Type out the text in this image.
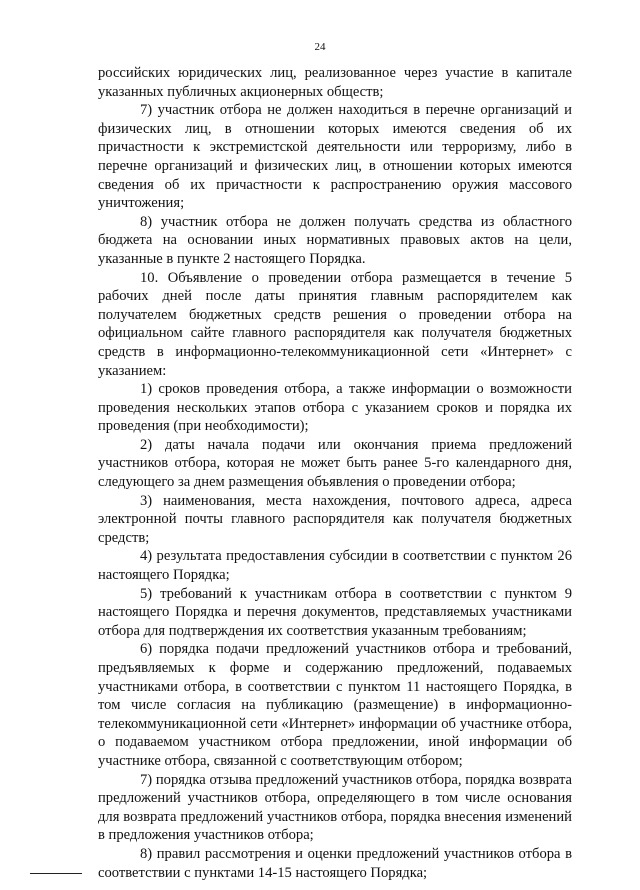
24

российских юридических лиц, реализованное через участие в капитале указанных публичных акционерных обществ;

7) участник отбора не должен находиться в перечне организаций и физических лиц, в отношении которых имеются сведения об их причастности к экстремистской деятельности или терроризму, либо в перечне организаций и физических лиц, в отношении которых имеются сведения об их причастности к распространению оружия массового уничтожения;

8) участник отбора не должен получать средства из областного бюджета на основании иных нормативных правовых актов на цели, указанные в пункте 2 настоящего Порядка.

10. Объявление о проведении отбора размещается в течение 5 рабочих дней после даты принятия главным распорядителем как получателем бюджетных средств решения о проведении отбора на официальном сайте главного распорядителя как получателя бюджетных средств в информационно-телекоммуникационной сети «Интернет» с указанием:

1) сроков проведения отбора, а также информации о возможности проведения нескольких этапов отбора с указанием сроков и порядка их проведения (при необходимости);

2) даты начала подачи или окончания приема предложений участников отбора, которая не может быть ранее 5-го календарного дня, следующего за днем размещения объявления о проведении отбора;

3) наименования, места нахождения, почтового адреса, адреса электронной почты главного распорядителя как получателя бюджетных средств;

4) результата предоставления субсидии в соответствии с пунктом 26 настоящего Порядка;

5) требований к участникам отбора в соответствии с пунктом 9 настоящего Порядка и перечня документов, представляемых участниками отбора для подтверждения их соответствия указанным требованиям;

6) порядка подачи предложений участников отбора и требований, предъявляемых к форме и содержанию предложений, подаваемых участниками отбора, в соответствии с пунктом 11 настоящего Порядка, в том числе согласия на публикацию (размещение) в информационно-телекоммуникационной сети «Интернет» информации об участнике отбора, о подаваемом участником отбора предложении, иной информации об участнике отбора, связанной с соответствующим отбором;

7) порядка отзыва предложений участников отбора, порядка возврата предложений участников отбора, определяющего в том числе основания для возврата предложений участников отбора, порядка внесения изменений в предложения участников отбора;

8) правил рассмотрения и оценки предложений участников отбора в соответствии с пунктами 14-15 настоящего Порядка;
